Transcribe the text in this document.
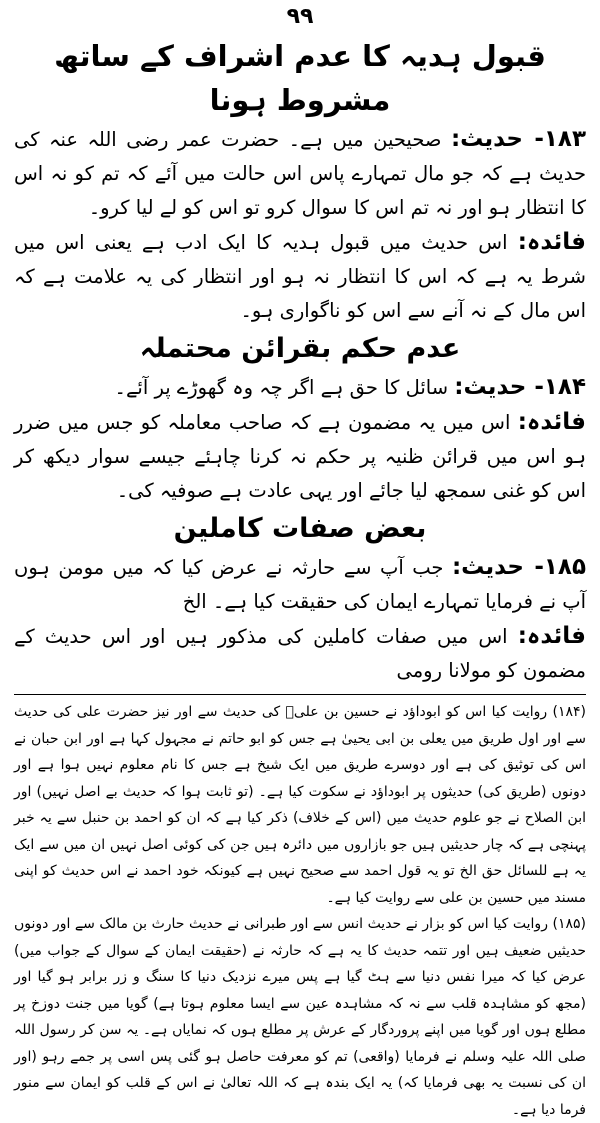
۹۹
قبول ہدیہ کا عدم اشراف کے ساتھ مشروط ہونا

۱۸۳- حدیث: صحیحین میں ہے۔ حضرت عمر رضی اللہ عنہ کی حدیث ہے کہ جو مال تمہارے پاس اس حالت میں آئے کہ تم کو نہ اس کا انتظار ہو اور نہ تم اس کا سوال کرو تو اس کو لے لیا کرو۔

فائدہ: اس حدیث میں قبول ہدیہ کا ایک ادب ہے یعنی اس میں شرط یہ ہے کہ اس کا انتظار نہ ہو اور انتظار کی یہ علامت ہے کہ اس مال کے نہ آنے سے اس کو ناگواری ہو۔

عدم حکم بقرائن محتملہ

۱۸۴- حدیث: سائل کا حق ہے اگر چہ وہ گھوڑے پر آئے۔

فائدہ: اس میں یہ مضمون ہے کہ صاحب معاملہ کو جس میں ضرر ہو اس میں قرائن ظنیہ پر حکم نہ کرنا چاہئے جیسے سوار دیکھ کر اس کو غنی سمجھ لیا جائے اور یہی عادت ہے صوفیہ کی۔

بعض صفات کاملین

۱۸۵- حدیث: جب آپ سے حارثہ نے عرض کیا کہ میں مومن ہوں آپ نے فرمایا تمہارے ایمان کی حقیقت کیا ہے۔ الخ

فائدہ: اس میں صفات کاملین کی مذکور ہیں اور اس حدیث کے مضمون کو مولانا رومی

(۱۸۴) روایت کیا اس کو ابوداؤد نے حسین بن علیؓ کی حدیث سے اور نیز حضرت علی کی حدیث سے اور اول طریق میں یعلی بن ابی یحییٰ ہے جس کو ابو حاتم نے مجہول کہا ہے اور ابن حبان نے اس کی توثیق کی ہے اور دوسرے طریق میں ایک شیخ ہے جس کا نام معلوم نہیں ہوا ہے اور دونوں (طریق کی) حدیثوں پر ابوداؤد نے سکوت کیا ہے۔ (تو ثابت ہوا کہ حدیث بے اصل نہیں) اور ابن الصلاح نے جو علوم حدیث میں (اس کے خلاف) ذکر کیا ہے کہ ان کو احمد بن حنبل سے یہ خبر پہنچی ہے کہ چار حدیثیں ہیں جو بازاروں میں دائرہ ہیں جن کی کوئی اصل نہیں ان میں سے ایک یہ ہے للسائل حق الخ تو یہ قول احمد سے صحیح نہیں ہے کیونکہ خود احمد نے اس حدیث کو اپنی مسند میں حسین بن علی سے روایت کیا ہے۔

(۱۸۵) روایت کیا اس کو بزار نے حدیث انس سے اور طبرانی نے حدیث حارث بن مالک سے اور دونوں حدیثیں ضعیف ہیں اور تتمہ حدیث کا یہ ہے کہ حارثہ نے (حقیقت ایمان کے سوال کے جواب میں) عرض کیا کہ میرا نفس دنیا سے ہٹ گیا ہے پس میرے نزدیک دنیا کا سنگ و زر برابر ہو گیا اور (مجھ کو مشاہدہ قلب سے نہ کہ مشاہدہ عین سے ایسا معلوم ہوتا ہے) گویا میں جنت دوزخ پر مطلع ہوں اور گویا میں اپنے پروردگار کے عرش پر مطلع ہوں کہ نمایاں ہے۔ یہ سن کر رسول اللہ صلی اللہ علیہ وسلم نے فرمایا (واقعی) تم کو معرفت حاصل ہو گئی پس اسی پر جمے رہو (اور ان کی نسبت یہ بھی فرمایا کہ) یہ ایک بندہ ہے کہ اللہ تعالیٰ نے اس کے قلب کو ایمان سے منور فرما دیا ہے۔
